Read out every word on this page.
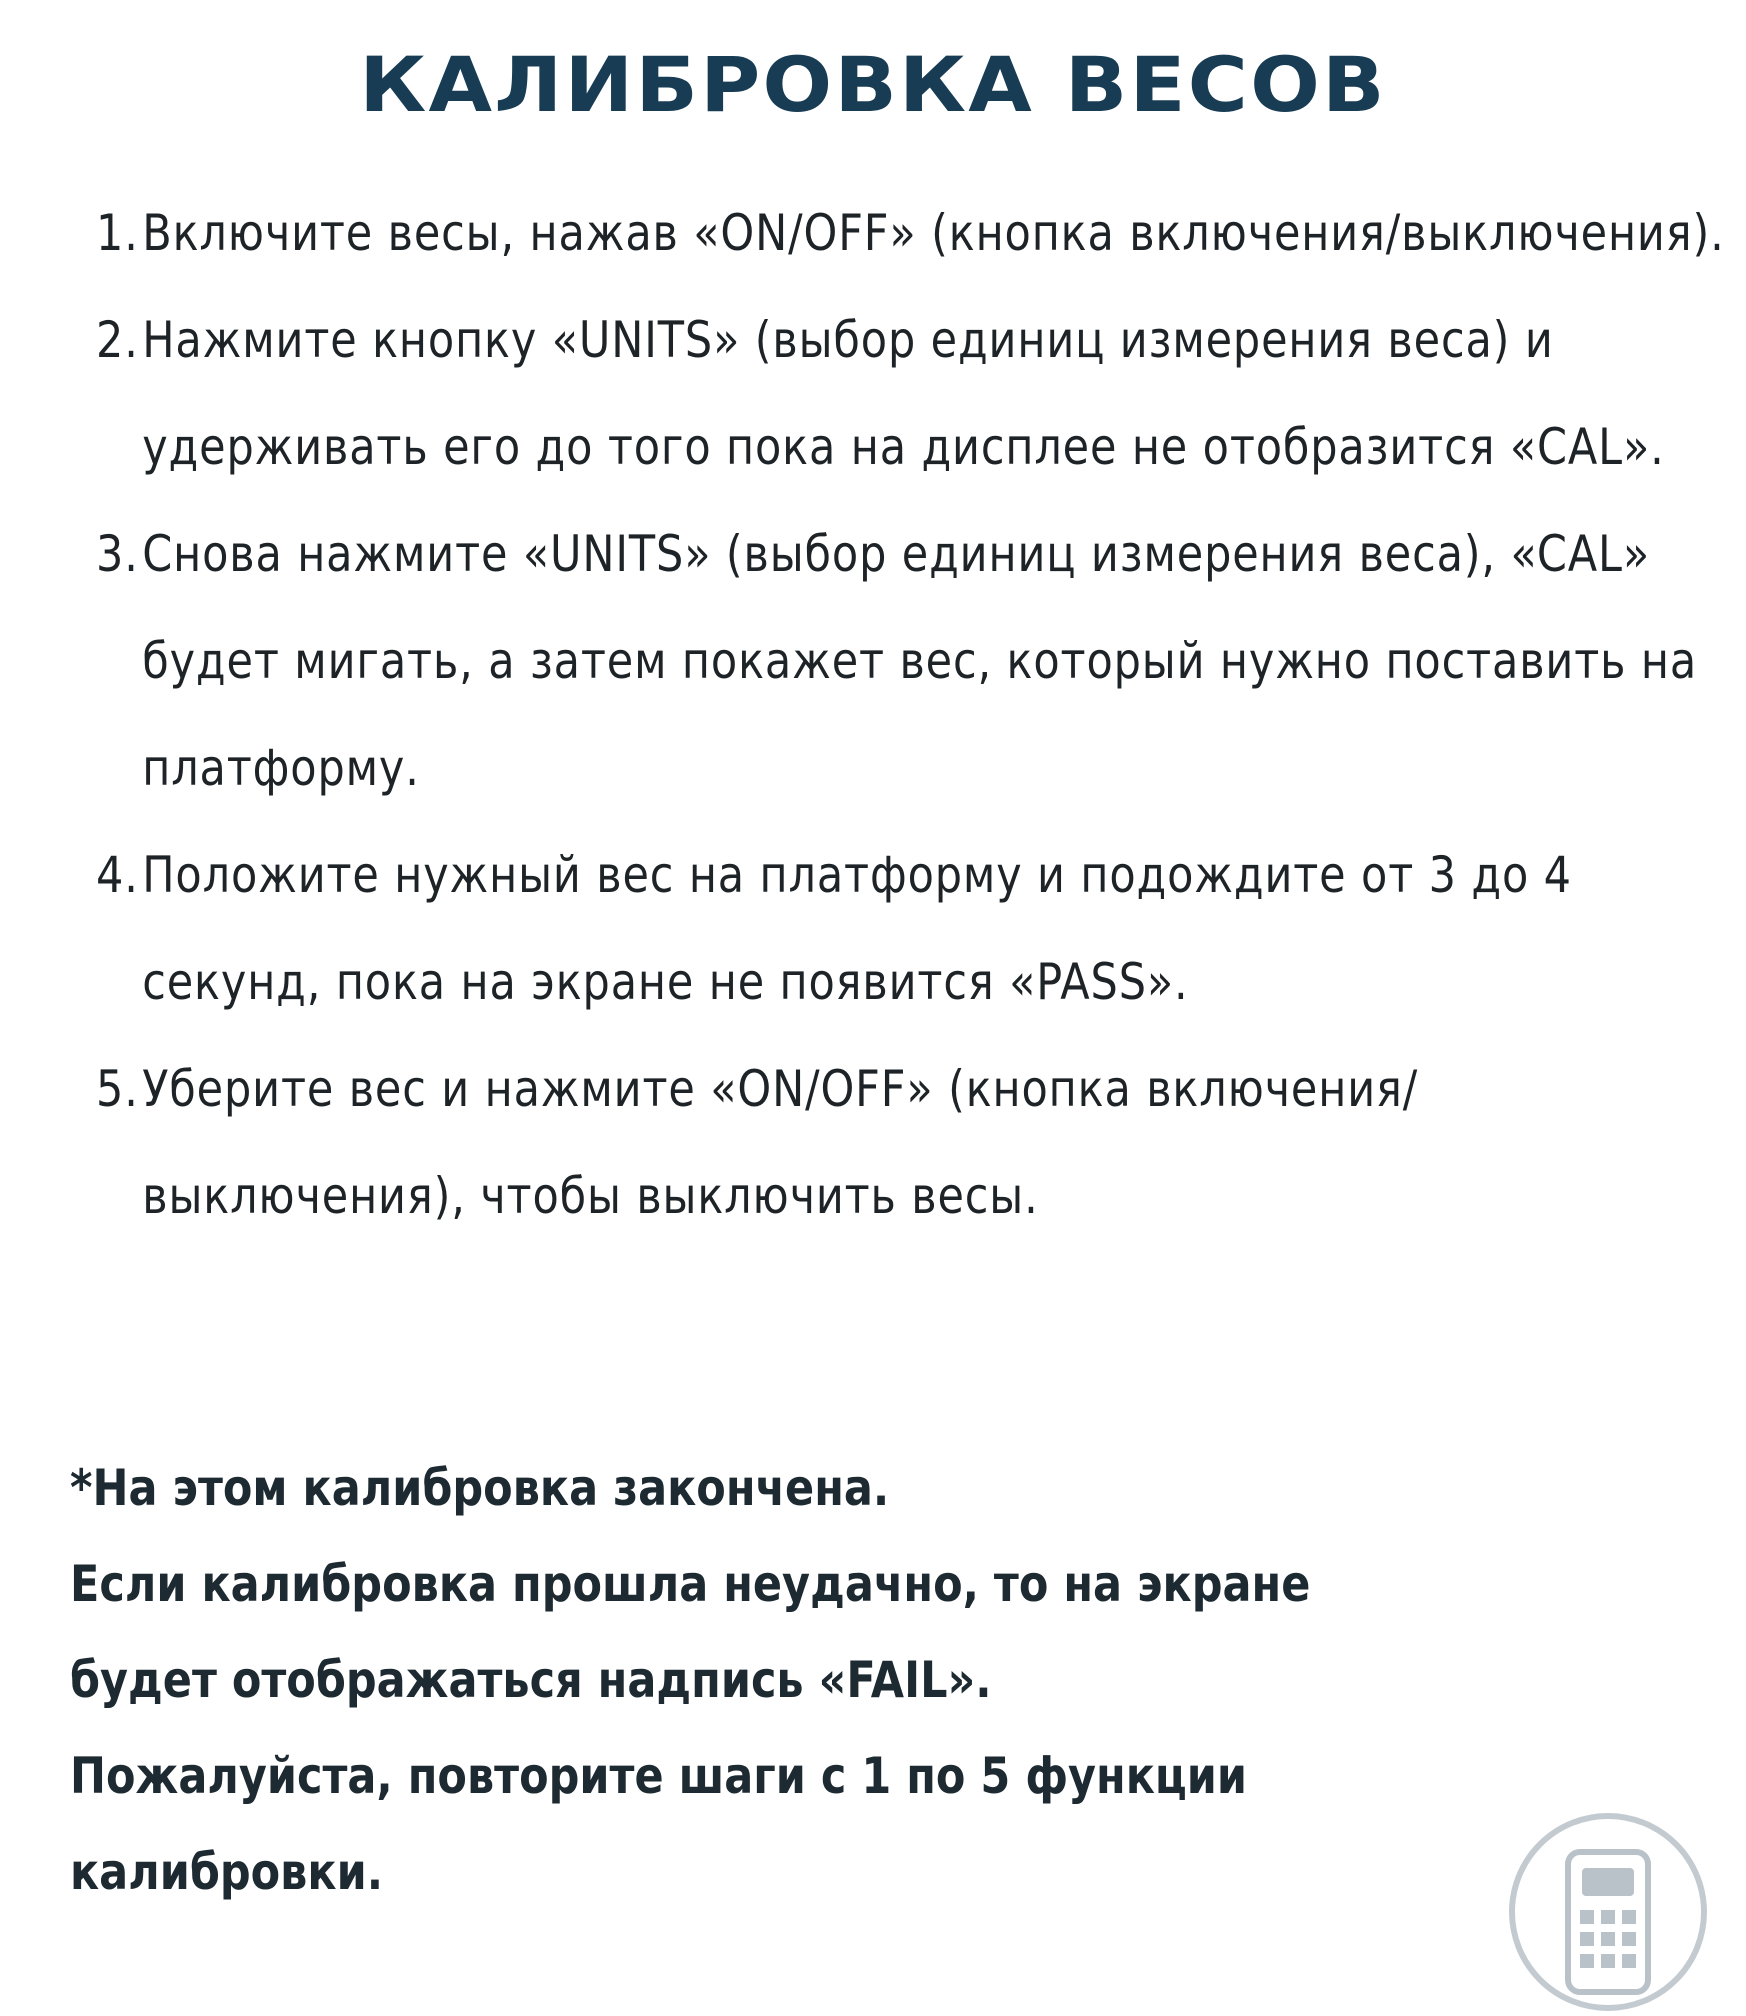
КАЛИБРОВКА ВЕСОВ
1. Включите весы, нажав «ON/OFF» (кнопка включения/выключения).
2. Нажмите кнопку «UNITS» (выбор единиц измерения веса) и удерживать его до того пока на дисплее не отобразится «CAL».
3. Снова нажмите «UNITS» (выбор единиц измерения веса), «CAL» будет мигать, а затем покажет вес, который нужно поставить на платформу.
4. Положите нужный вес на платформу и подождите от 3 до 4 секунд, пока на экране не появится «PASS».
5. Уберите вес и нажмите «ON/OFF» (кнопка включения/выключения), чтобы выключить весы.
*На этом калибровка закончена.
Если калибровка прошла неудачно, то на экране
будет отображаться надпись «FAIL».
Пожалуйста, повторите шаги с 1 по 5 функции
калибровки.
